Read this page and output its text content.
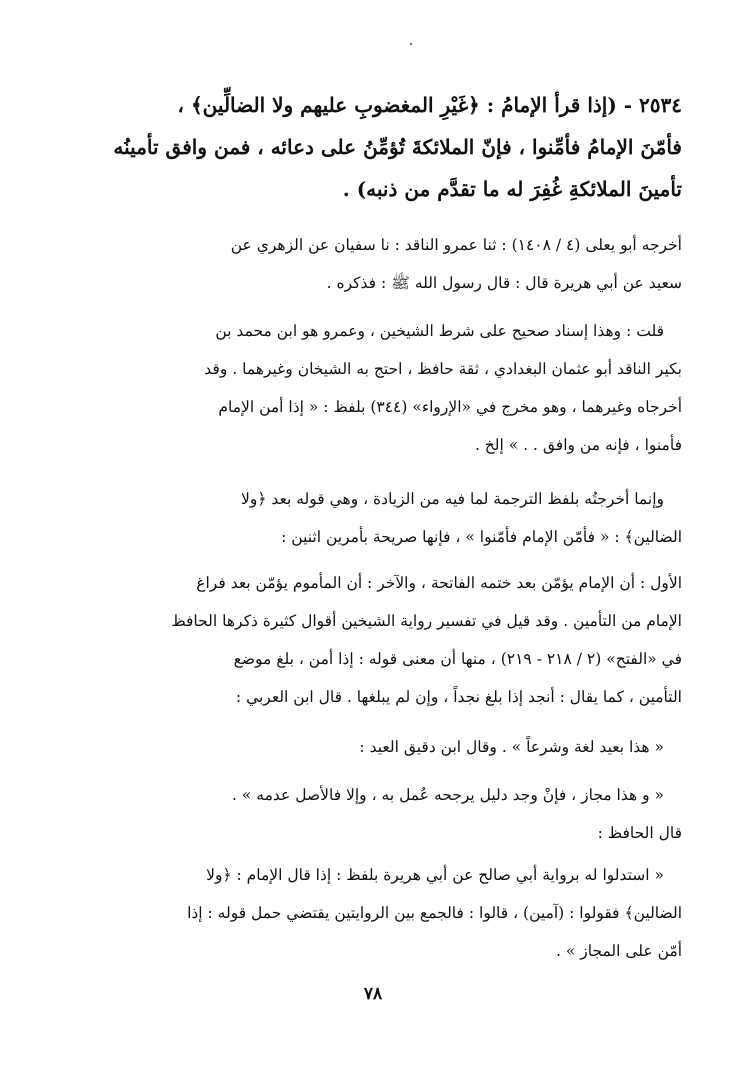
٢٥٣٤ - (إذا قرأ الإمامُ : ﴿غَيْرِ المغضوبِ عليهم ولا الضالِّين﴾ ،
فأمّنَ الإمامُ فأمِّنوا ، فإنّ الملائكةَ تُؤمِّنُ على دعائه ، فمن وافق تأمينُه
تأمينَ الملائكةِ غُفِرَ له ما تقدَّم من ذنبه) .
أخرجه أبو يعلى (٤ / ١٤٠٨) : ثنا عمرو الناقد : نا سفيان عن الزهري عن
سعيد عن أبي هريرة قال : قال رسول الله ﷺ : فذكره .
قلت : وهذا إسناد صحيح على شرط الشيخين ، وعمرو هو ابن محمد بن
بكير الناقد أبو عثمان البغدادي ، ثقة حافظ ، احتج به الشيخان وغيرهما . وقد
أخرجاه وغيرهما ، وهو مخرج في «الإرواء» (٣٤٤) بلفظ : « إذا أمن الإمام
فأمنوا ، فإنه من وافق . . » إلخ .
وإنما أخرجتُه بلفظ الترجمة لما فيه من الزيادة ، وهي قوله بعد ﴿ولا
الضالين﴾ : « فأمّن الإمام فأمّنوا » ، فإنها صريحة بأمرين اثنين :
الأول : أن الإمام يؤمّن بعد ختمه الفاتحة ، والآخر : أن المأموم يؤمّن بعد فراغ
الإمام من التأمين . وقد قيل في تفسير رواية الشيخين أقوال كثيرة ذكرها الحافظ
في «الفتح» (٢ / ٢١٨ - ٢١٩) ، منها أن معنى قوله : إذا أمن ، بلغ موضع
التأمين ، كما يقال : أنجد إذا بلغ نجداً ، وإن لم يبلغها . قال ابن العربي :
« هذا بعيد لغة وشرعاً » . وقال ابن دقيق العيد :
« و هذا مجاز ، فإنْ وجد دليل يرجحه عُمل به ، وإلا فالأصل عدمه » .
قال الحافظ :
« استدلوا له برواية أبي صالح عن أبي هريرة بلفظ : إذا قال الإمام : ﴿ولا
الضالين﴾ فقولوا : (آمين) ، قالوا : فالجمع بين الروايتين يقتضي حمل قوله : إذا
أمّن على المجاز » .
٧٨
